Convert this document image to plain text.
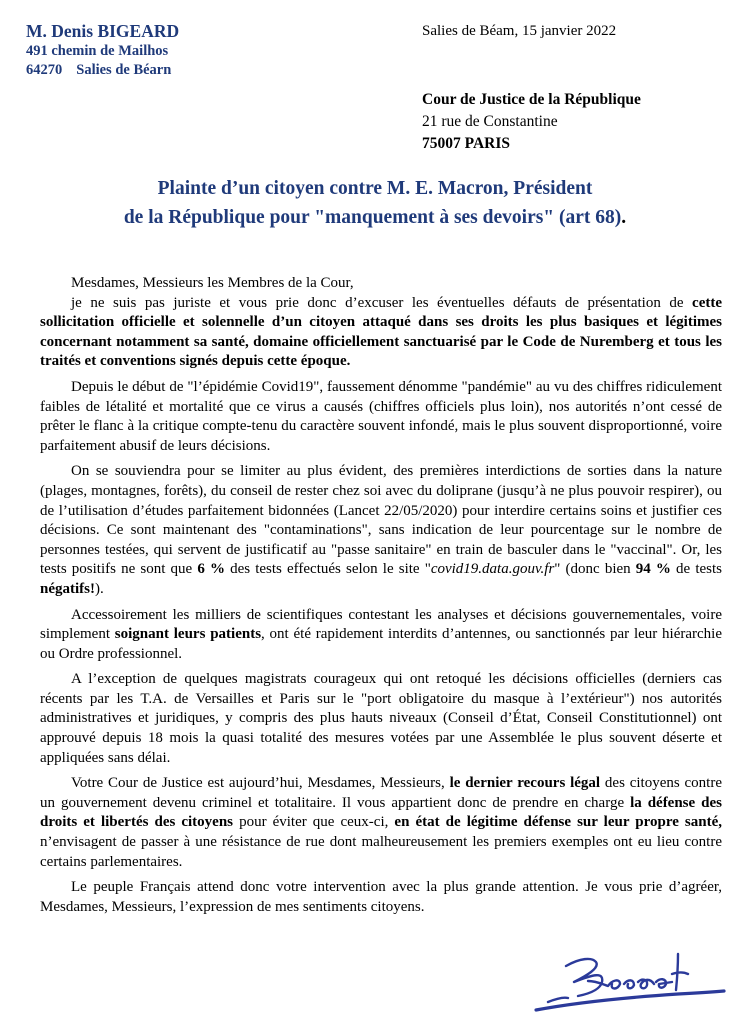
M. Denis BIGEARD
491 chemin de Mailhos
64270 Salies de Béarn
Salies de Béam, 15 janvier 2022
Cour de Justice de la République
21 rue de Constantine
75007 PARIS
Plainte d’un citoyen contre M. E. Macron, Président
de la République pour "manquement à ses devoirs" (art 68).

Mesdames, Messieurs les Membres de la Cour,

je ne suis pas juriste et vous prie donc d’excuser les éventuelles défauts de présentation de cette sollicitation officielle et solennelle d’un citoyen attaqué dans ses droits les plus basiques et légitimes concernant notamment sa santé, domaine officiellement sanctuarisé par le Code de Nuremberg et tous les traités et conventions signés depuis cette époque.

Depuis le début de "l’épidémie Covid19", faussement dénomme "pandémie" au vu des chiffres ridiculement faibles de létalité et mortalité que ce virus a causés (chiffres officiels plus loin), nos autorités n’ont cessé de prêter le flanc à la critique compte-tenu du caractère souvent infondé, mais le plus souvent disproportionné, voire parfaitement abusif de leurs décisions.

On se souviendra pour se limiter au plus évident, des premières interdictions de sorties dans la nature (plages, montagnes, forêts), du conseil de rester chez soi avec du doliprane (jusqu’à ne plus pouvoir respirer), ou de l’utilisation d’études parfaitement bidonnées (Lancet 22/05/2020) pour interdire certains soins et justifier ces décisions. Ce sont maintenant des "contaminations", sans indication de leur pourcentage sur le nombre de personnes testées, qui servent de justificatif au "passe sanitaire" en train de basculer dans le "vaccinal". Or, les tests positifs ne sont que 6 % des tests effectués selon le site "covid19.data.gouv.fr" (donc bien 94 % de tests négatifs!).

Accessoirement les milliers de scientifiques contestant les analyses et décisions gouvernementales, voire simplement soignant leurs patients, ont été rapidement interdits d’antennes, ou sanctionnés par leur hiérarchie ou Ordre professionnel.

A l’exception de quelques magistrats courageux qui ont retoqué les décisions officielles (derniers cas récents par les T.A. de Versailles et Paris sur le "port obligatoire du masque à l’extérieur") nos autorités administratives et juridiques, y compris des plus hauts niveaux (Conseil d’État, Conseil Constitutionnel) ont approuvé depuis 18 mois la quasi totalité des mesures votées par une Assemblée le plus souvent déserte et appliquées sans délai.

Votre Cour de Justice est aujourd’hui, Mesdames, Messieurs, le dernier recours légal des citoyens contre un gouvernement devenu criminel et totalitaire. Il vous appartient donc de prendre en charge la défense des droits et libertés des citoyens pour éviter que ceux-ci, en état de légitime défense sur leur propre santé, n’envisagent de passer à une résistance de rue dont malheureusement les premiers exemples ont eu lieu contre certains parlementaires.

Le peuple Français attend donc votre intervention avec la plus grande attention. Je vous prie d’agréer, Mesdames, Messieurs, l’expression de mes sentiments citoyens.
